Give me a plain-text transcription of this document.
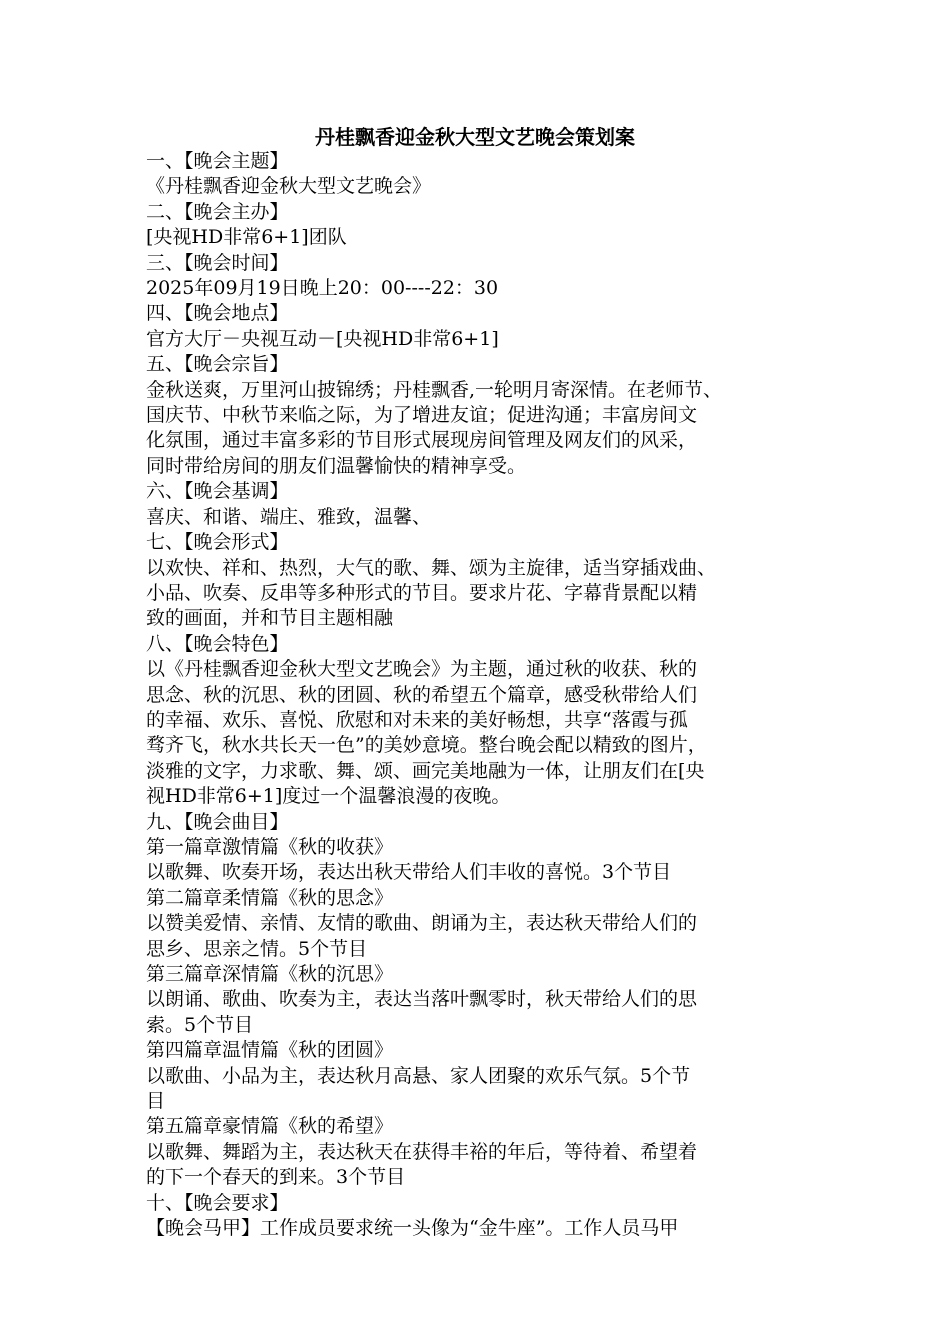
丹桂飘香迎金秋大型文艺晚会策划案

一、【晚会主题】

《丹桂飘香迎金秋大型文艺晚会》

二、【晚会主办】

[央视HD非常6+1]团队

三、【晚会时间】

2025年09月19日晚上20：00----22：30

四、【晚会地点】

官方大厅－央视互动－[央视HD非常6+1]

五、【晚会宗旨】

金秋送爽，万里河山披锦绣；丹桂飘香,一轮明月寄深情。在老师节、

国庆节、中秋节来临之际，为了增进友谊；促进沟通；丰富房间文

化氛围，通过丰富多彩的节目形式展现房间管理及网友们的风采，

同时带给房间的朋友们温馨愉快的精神享受。

六、【晚会基调】

喜庆、和谐、端庄、雅致，温馨、

七、【晚会形式】

以欢快、祥和、热烈，大气的歌、舞、颂为主旋律，适当穿插戏曲、

小品、吹奏、反串等多种形式的节目。要求片花、字幕背景配以精

致的画面，并和节目主题相融

八、【晚会特色】

以《丹桂飘香迎金秋大型文艺晚会》为主题，通过秋的收获、秋的

思念、秋的沉思、秋的团圆、秋的希望五个篇章，感受秋带给人们

的幸福、欢乐、喜悦、欣慰和对未来的美好畅想，共享“落霞与孤

骛齐飞，秋水共长天一色”的美妙意境。整台晚会配以精致的图片，

淡雅的文字，力求歌、舞、颂、画完美地融为一体，让朋友们在[央

视HD非常6+1]度过一个温馨浪漫的夜晚。

九、【晚会曲目】

第一篇章激情篇《秋的收获》

以歌舞、吹奏开场，表达出秋天带给人们丰收的喜悦。3个节目

第二篇章柔情篇《秋的思念》

以赞美爱情、亲情、友情的歌曲、朗诵为主，表达秋天带给人们的

思乡、思亲之情。5个节目

第三篇章深情篇《秋的沉思》

以朗诵、歌曲、吹奏为主，表达当落叶飘零时，秋天带给人们的思

索。5个节目

第四篇章温情篇《秋的团圆》

以歌曲、小品为主，表达秋月高悬、家人团聚的欢乐气氛。5个节

目

第五篇章豪情篇《秋的希望》

以歌舞、舞蹈为主，表达秋天在获得丰裕的年后，等待着、希望着

的下一个春天的到来。3个节目

十、【晚会要求】

【晚会马甲】工作成员要求统一头像为“金牛座”。工作人员马甲
